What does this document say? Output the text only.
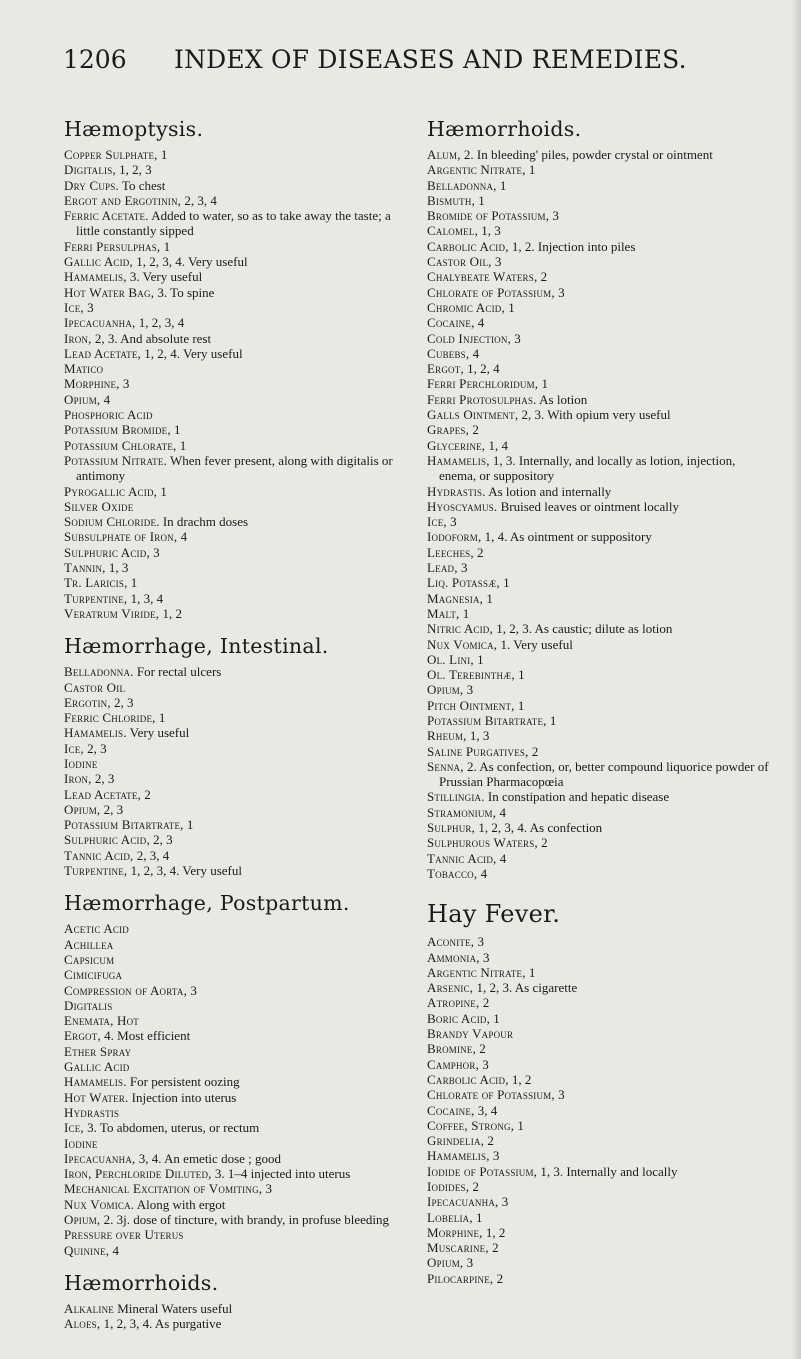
1206 INDEX OF DISEASES AND REMEDIES.
Hæmoptysis.
Copper Sulphate, 1
Digitalis, 1, 2, 3
Dry Cups. To chest
Ergot and Ergotinin, 2, 3, 4
Ferric Acetate. Added to water, so as to take away the taste; a little constantly sipped
Ferri Persulphas, 1
Gallic Acid, 1, 2, 3, 4. Very useful
Hamamelis, 3. Very useful
Hot Water Bag, 3. To spine
Ice, 3
Ipecacuanha, 1, 2, 3, 4
Iron, 2, 3. And absolute rest
Lead Acetate, 1, 2, 4. Very useful
Matico
Morphine, 3
Opium, 4
Phosphoric Acid
Potassium Bromide, 1
Potassium Chlorate, 1
Potassium Nitrate. When fever present, along with digitalis or antimony
Pyrogallic Acid, 1
Silver Oxide
Sodium Chloride. In drachm doses
Subsulphate of Iron, 4
Sulphuric Acid, 3
Tannin, 1, 3
Tr. Laricis, 1
Turpentine, 1, 3, 4
Veratrum Viride, 1, 2
Hæmorrhage, Intestinal.
Belladonna. For rectal ulcers
Castor Oil
Ergotin, 2, 3
Ferric Chloride, 1
Hamamelis. Very useful
Ice, 2, 3
Iodine
Iron, 2, 3
Lead Acetate, 2
Opium, 2, 3
Potassium Bitartrate, 1
Sulphuric Acid, 2, 3
Tannic Acid, 2, 3, 4
Turpentine, 1, 2, 3, 4. Very useful
Hæmorrhage, Postpartum.
Acetic Acid
Achillea
Capsicum
Cimicifuga
Compression of Aorta, 3
Digitalis
Enemata, Hot
Ergot, 4. Most efficient
Ether Spray
Gallic Acid
Hamamelis. For persistent oozing
Hot Water. Injection into uterus
Hydrastis
Ice, 3. To abdomen, uterus, or rectum
Iodine
Ipecacuanha, 3, 4. An emetic dose ; good
Iron, Perchloride Diluted, 3. 1–4 injected into uterus
Mechanical Excitation of Vomiting, 3
Nux Vomica. Along with ergot
Opium, 2. 3j. dose of tincture, with brandy, in profuse bleeding
Pressure over Uterus
Quinine, 4
Hæmorrhoids.
Alkaline Mineral Waters useful
Aloes, 1, 2, 3, 4. As purgative
Hæmorrhoids.
Alum, 2. In bleeding' piles, powder crystal or ointment
Argentic Nitrate, 1
Belladonna, 1
Bismuth, 1
Bromide of Potassium, 3
Calomel, 1, 3
Carbolic Acid, 1, 2. Injection into piles
Castor Oil, 3
Chalybeate Waters, 2
Chlorate of Potassium, 3
Chromic Acid, 1
Cocaine, 4
Cold Injection, 3
Cubebs, 4
Ergot, 1, 2, 4
Ferri Perchloridum, 1
Ferri Protosulphas. As lotion
Galls Ointment, 2, 3. With opium very useful
Grapes, 2
Glycerine, 1, 4
Hamamelis, 1, 3. Internally, and locally as lotion, injection, enema, or suppository
Hydrastis. As lotion and internally
Hyoscyamus. Bruised leaves or ointment locally
Ice, 3
Iodoform, 1, 4. As ointment or suppository
Leeches, 2
Lead, 3
Liq. Potassæ, 1
Magnesia, 1
Malt, 1
Nitric Acid, 1, 2, 3. As caustic; dilute as lotion
Nux Vomica, 1. Very useful
Ol. Lini, 1
Ol. Terebinthæ, 1
Opium, 3
Pitch Ointment, 1
Potassium Bitartrate, 1
Rheum, 1, 3
Saline Purgatives, 2
Senna, 2. As confection, or, better compound liquorice powder of Prussian Pharmacopœia
Stillingia. In constipation and hepatic disease
Stramonium, 4
Sulphur, 1, 2, 3, 4. As confection
Sulphurous Waters, 2
Tannic Acid, 4
Tobacco, 4
Hay Fever.
Aconite, 3
Ammonia, 3
Argentic Nitrate, 1
Arsenic, 1, 2, 3. As cigarette
Atropine, 2
Boric Acid, 1
Brandy Vapour
Bromine, 2
Camphor, 3
Carbolic Acid, 1, 2
Chlorate of Potassium, 3
Cocaine, 3, 4
Coffee, Strong, 1
Grindelia, 2
Hamamelis, 3
Iodide of Potassium, 1, 3. Internally and locally
Iodides, 2
Ipecacuanha, 3
Lobelia, 1
Morphine, 1, 2
Muscarine, 2
Opium, 3
Pilocarpine, 2
